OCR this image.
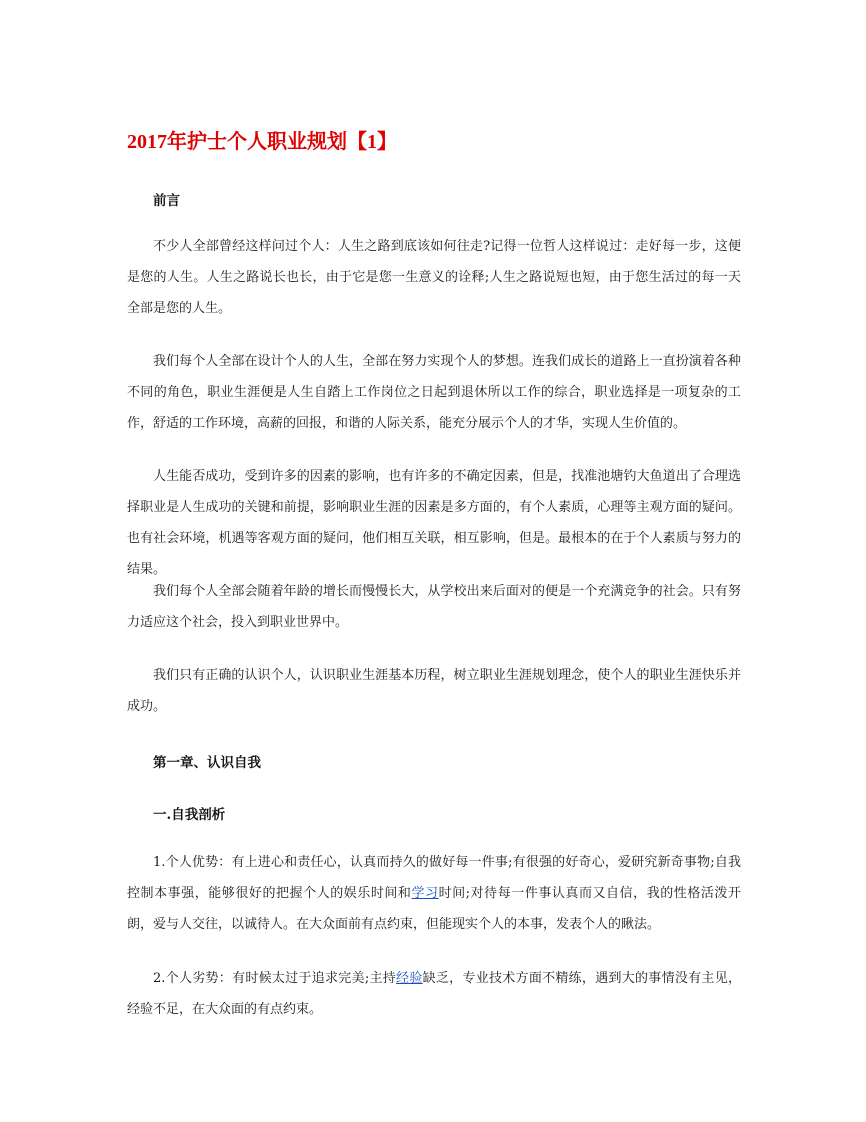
2017年护士个人职业规划【1】
前言
不少人全部曾经这样问过个人：人生之路到底该如何往走?记得一位哲人这样说过：走好每一步，这便是您的人生。人生之路说长也长，由于它是您一生意义的诠释;人生之路说短也短，由于您生活过的每一天全部是您的人生。
我们每个人全部在设计个人的人生，全部在努力实现个人的梦想。连我们成长的道路上一直扮演着各种不同的角色，职业生涯便是人生自踏上工作岗位之日起到退休所以工作的综合，职业选择是一项复杂的工作，舒适的工作环境，高薪的回报，和谐的人际关系，能充分展示个人的才华，实现人生价值的。
人生能否成功，受到许多的因素的影响，也有许多的不确定因素，但是，找准池塘钓大鱼道出了合理选择职业是人生成功的关键和前提，影响职业生涯的因素是多方面的，有个人素质，心理等主观方面的疑问。也有社会环境，机遇等客观方面的疑问，他们相互关联，相互影响，但是。最根本的在于个人素质与努力的结果。
我们每个人全部会随着年龄的增长而慢慢长大，从学校出来后面对的便是一个充满竞争的社会。只有努力适应这个社会，投入到职业世界中。
我们只有正确的认识个人，认识职业生涯基本历程，树立职业生涯规划理念，使个人的职业生涯快乐并成功。
第一章、认识自我
一.自我剖析
1.个人优势：有上进心和责任心，认真而持久的做好每一件事;有很强的好奇心，爱研究新奇事物;自我控制本事强，能够很好的把握个人的娱乐时间和学习时间;对待每一件事认真而又自信，我的性格活泼开朗，爱与人交往，以诚待人。在大众面前有点约束，但能现实个人的本事，发表个人的瞅法。
2.个人劣势：有时候太过于追求完美;主持经验缺乏，专业技术方面不精练，遇到大的事情没有主见，经验不足，在大众面的有点约束。
